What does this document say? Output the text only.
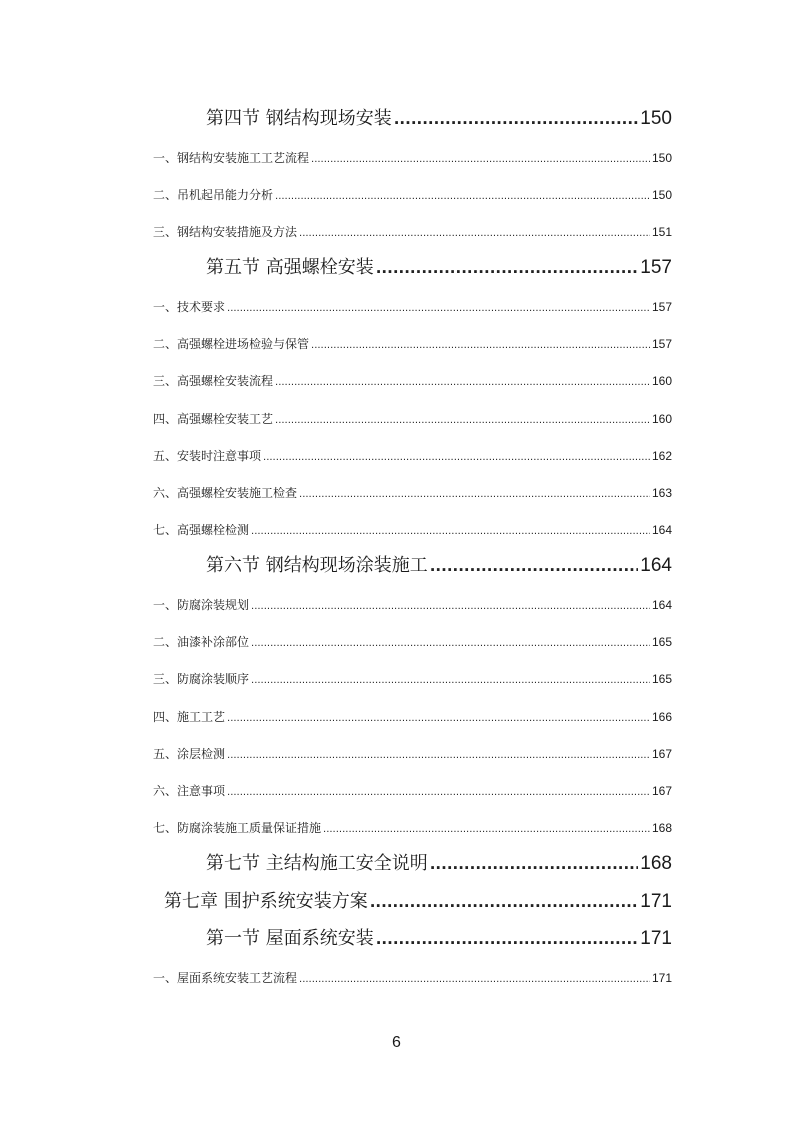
第四节 钢结构现场安装 .....	150
一、钢结构安装施工工艺流程 .....	150
二、吊机起吊能力分析 .....	150
三、钢结构安装措施及方法 .....	151
第五节 高强螺栓安装 .....	157
一、技术要求 .....	157
二、高强螺栓进场检验与保管 .....	157
三、高强螺栓安装流程 .....	160
四、高强螺栓安装工艺 .....	160
五、安装时注意事项 .....	162
六、高强螺栓安装施工检查 .....	163
七、高强螺栓检测 .....	164
第六节 钢结构现场涂装施工 .....	164
一、防腐涂装规划 .....	164
二、油漆补涂部位 .....	165
三、防腐涂装顺序 .....	165
四、施工工艺 .....	166
五、涂层检测 .....	167
六、注意事项 .....	167
七、防腐涂装施工质量保证措施 .....	168
第七节 主结构施工安全说明 .....	168
第七章 围护系统安装方案 .....	171
第一节 屋面系统安装 .....	171
一、屋面系统安装工艺流程 .....	171
6
